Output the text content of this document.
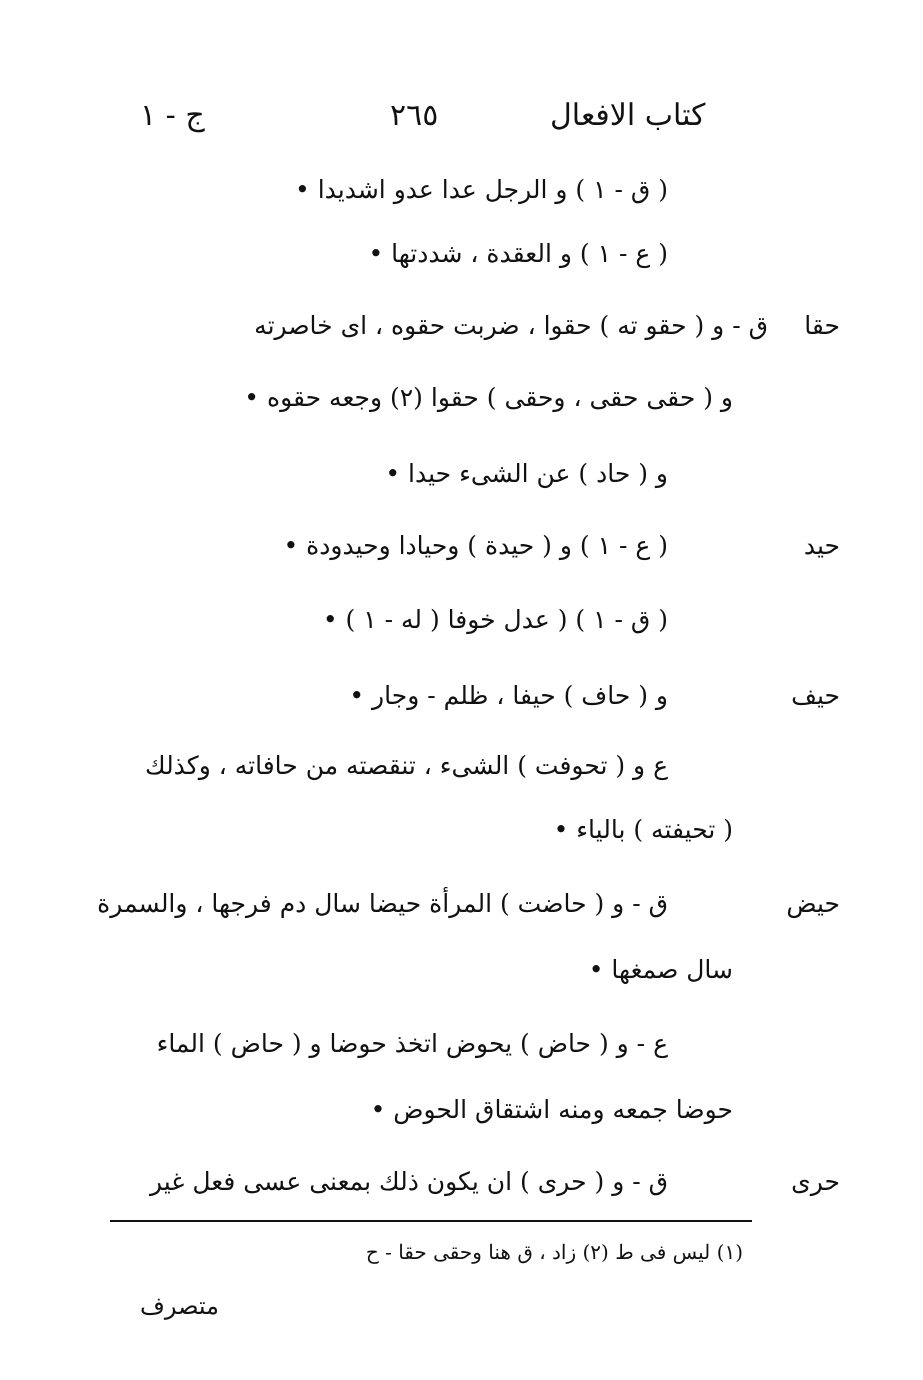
كتاب الافعال
٢٦٥
ج - ١
( ق - ١ ) و الرجل عدا عدو اشديدا •
( ع - ١ ) و العقدة ، شددتها •
حقا
ق - و ( حقو ته ) حقوا ، ضربت حقوه ، اى خاصرته
و ( حقى حقى ، وحقى ) حقوا (٢) وجعه حقوه •
و ( حاد ) عن الشىء حيدا •
حيد
( ع - ١ ) و ( حيدة ) وحيادا وحيدودة •
( ق - ١ ) ( عدل خوفا ( له - ١ ) •
حيف
و ( حاف ) حيفا ، ظلم - وجار •
ع و ( تحوفت ) الشىء ، تنقصته من حافاته ، وكذلك
( تحيفته ) بالياء •
حيض
ق - و ( حاضت ) المرأة حيضا سال دم فرجها ، والسمرة
سال صمغها •
ع - و ( حاض ) يحوض اتخذ حوضا و ( حاض ) الماء
حوضا جمعه ومنه اشتقاق الحوض •
حرى
ق - و ( حرى ) ان يكون ذلك بمعنى عسى فعل غير
(١) ليس فى ط (٢) زاد ، ق هنا وحقى حقا - ح
متصرف
